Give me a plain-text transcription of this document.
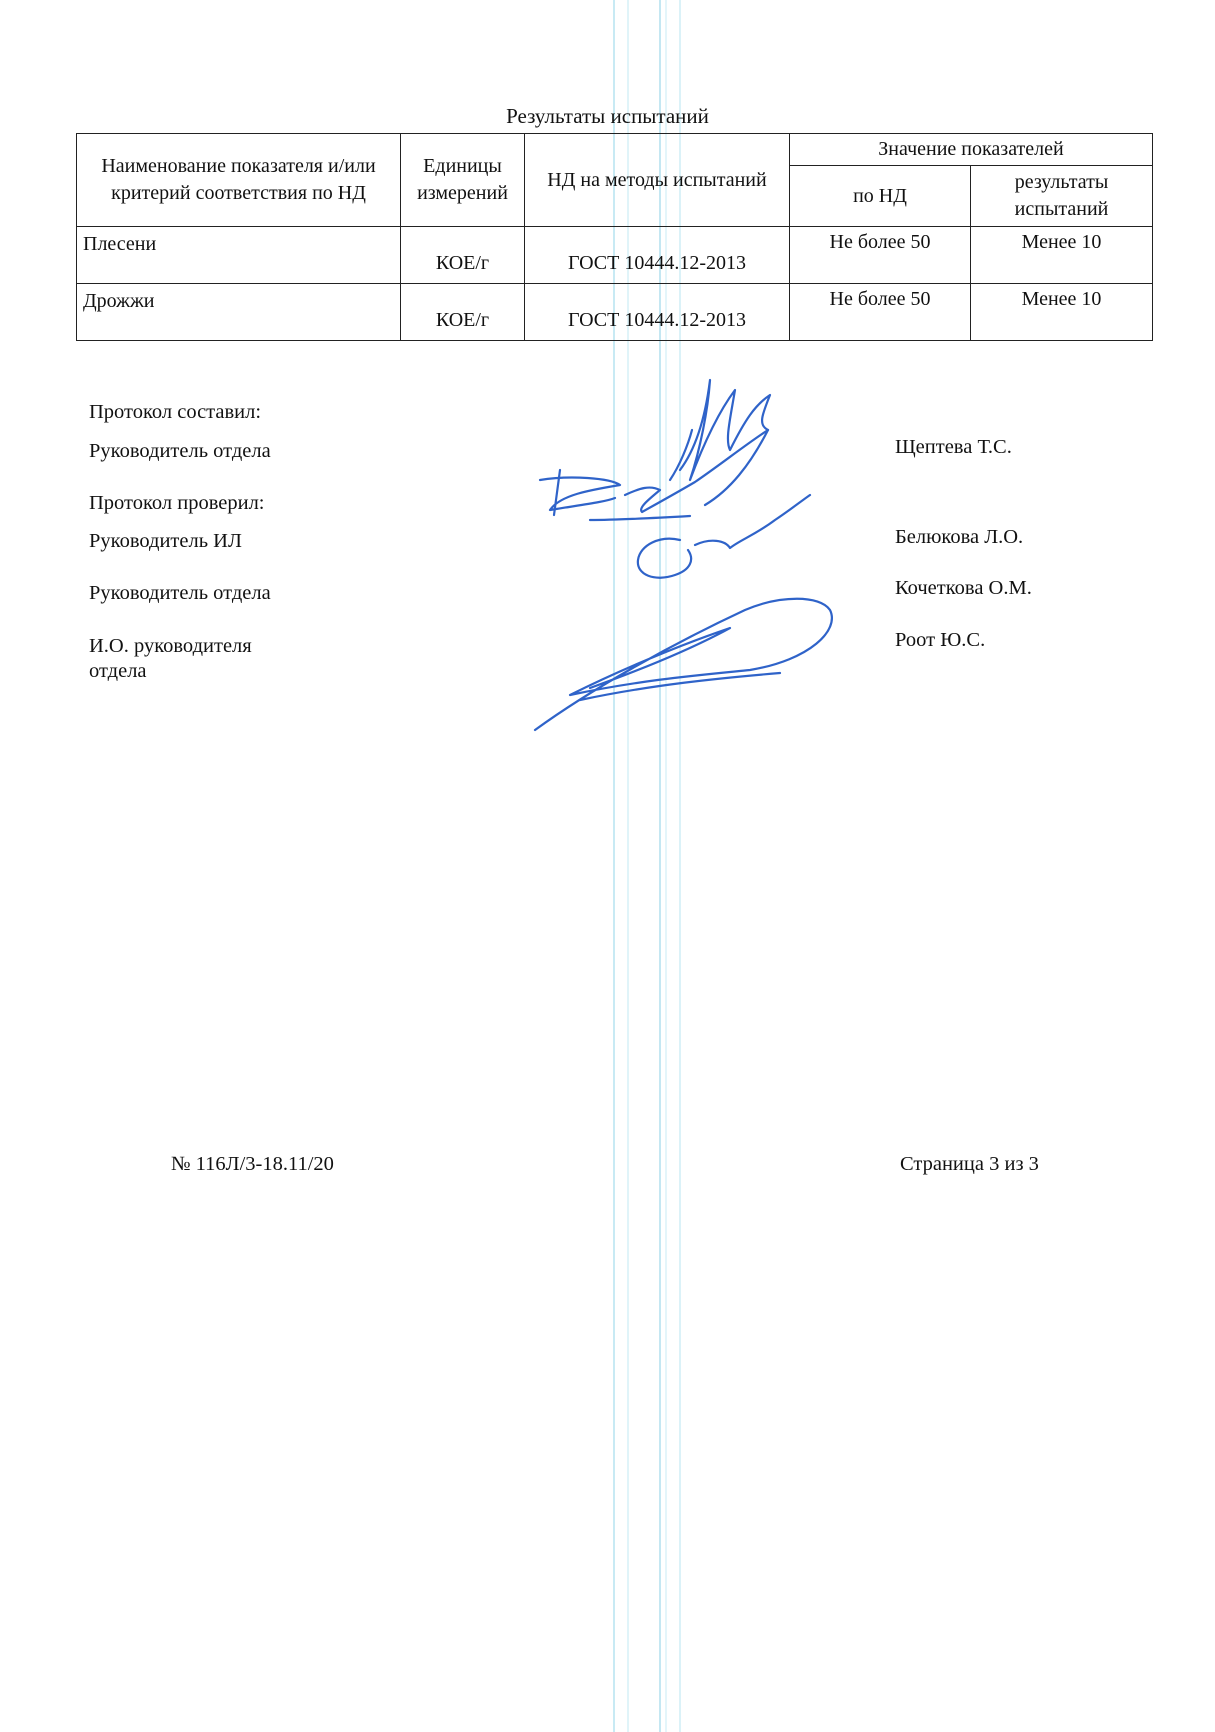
Результаты испытаний
Наименование показателя и/или критерий соответствия по НД	Единицы измерений	НД на методы испытаний	Значение показателей	
			по НД	результаты испытаний
Плесени	КОЕ/г	ГОСТ 10444.12-2013	Не более 50	Менее 10
Дрожжи	КОЕ/г	ГОСТ 10444.12-2013	Не более 50	Менее 10
Протокол составил:
Руководитель отдела	Щептева Т.С.
Протокол проверил:
Руководитель ИЛ	Белюкова Л.О.
Руководитель отдела	Кочеткова О.М.
И.О. руководителя
отдела
Роот Ю.С.
№ 116Л/3-18.11/20	Страница 3 из 3
